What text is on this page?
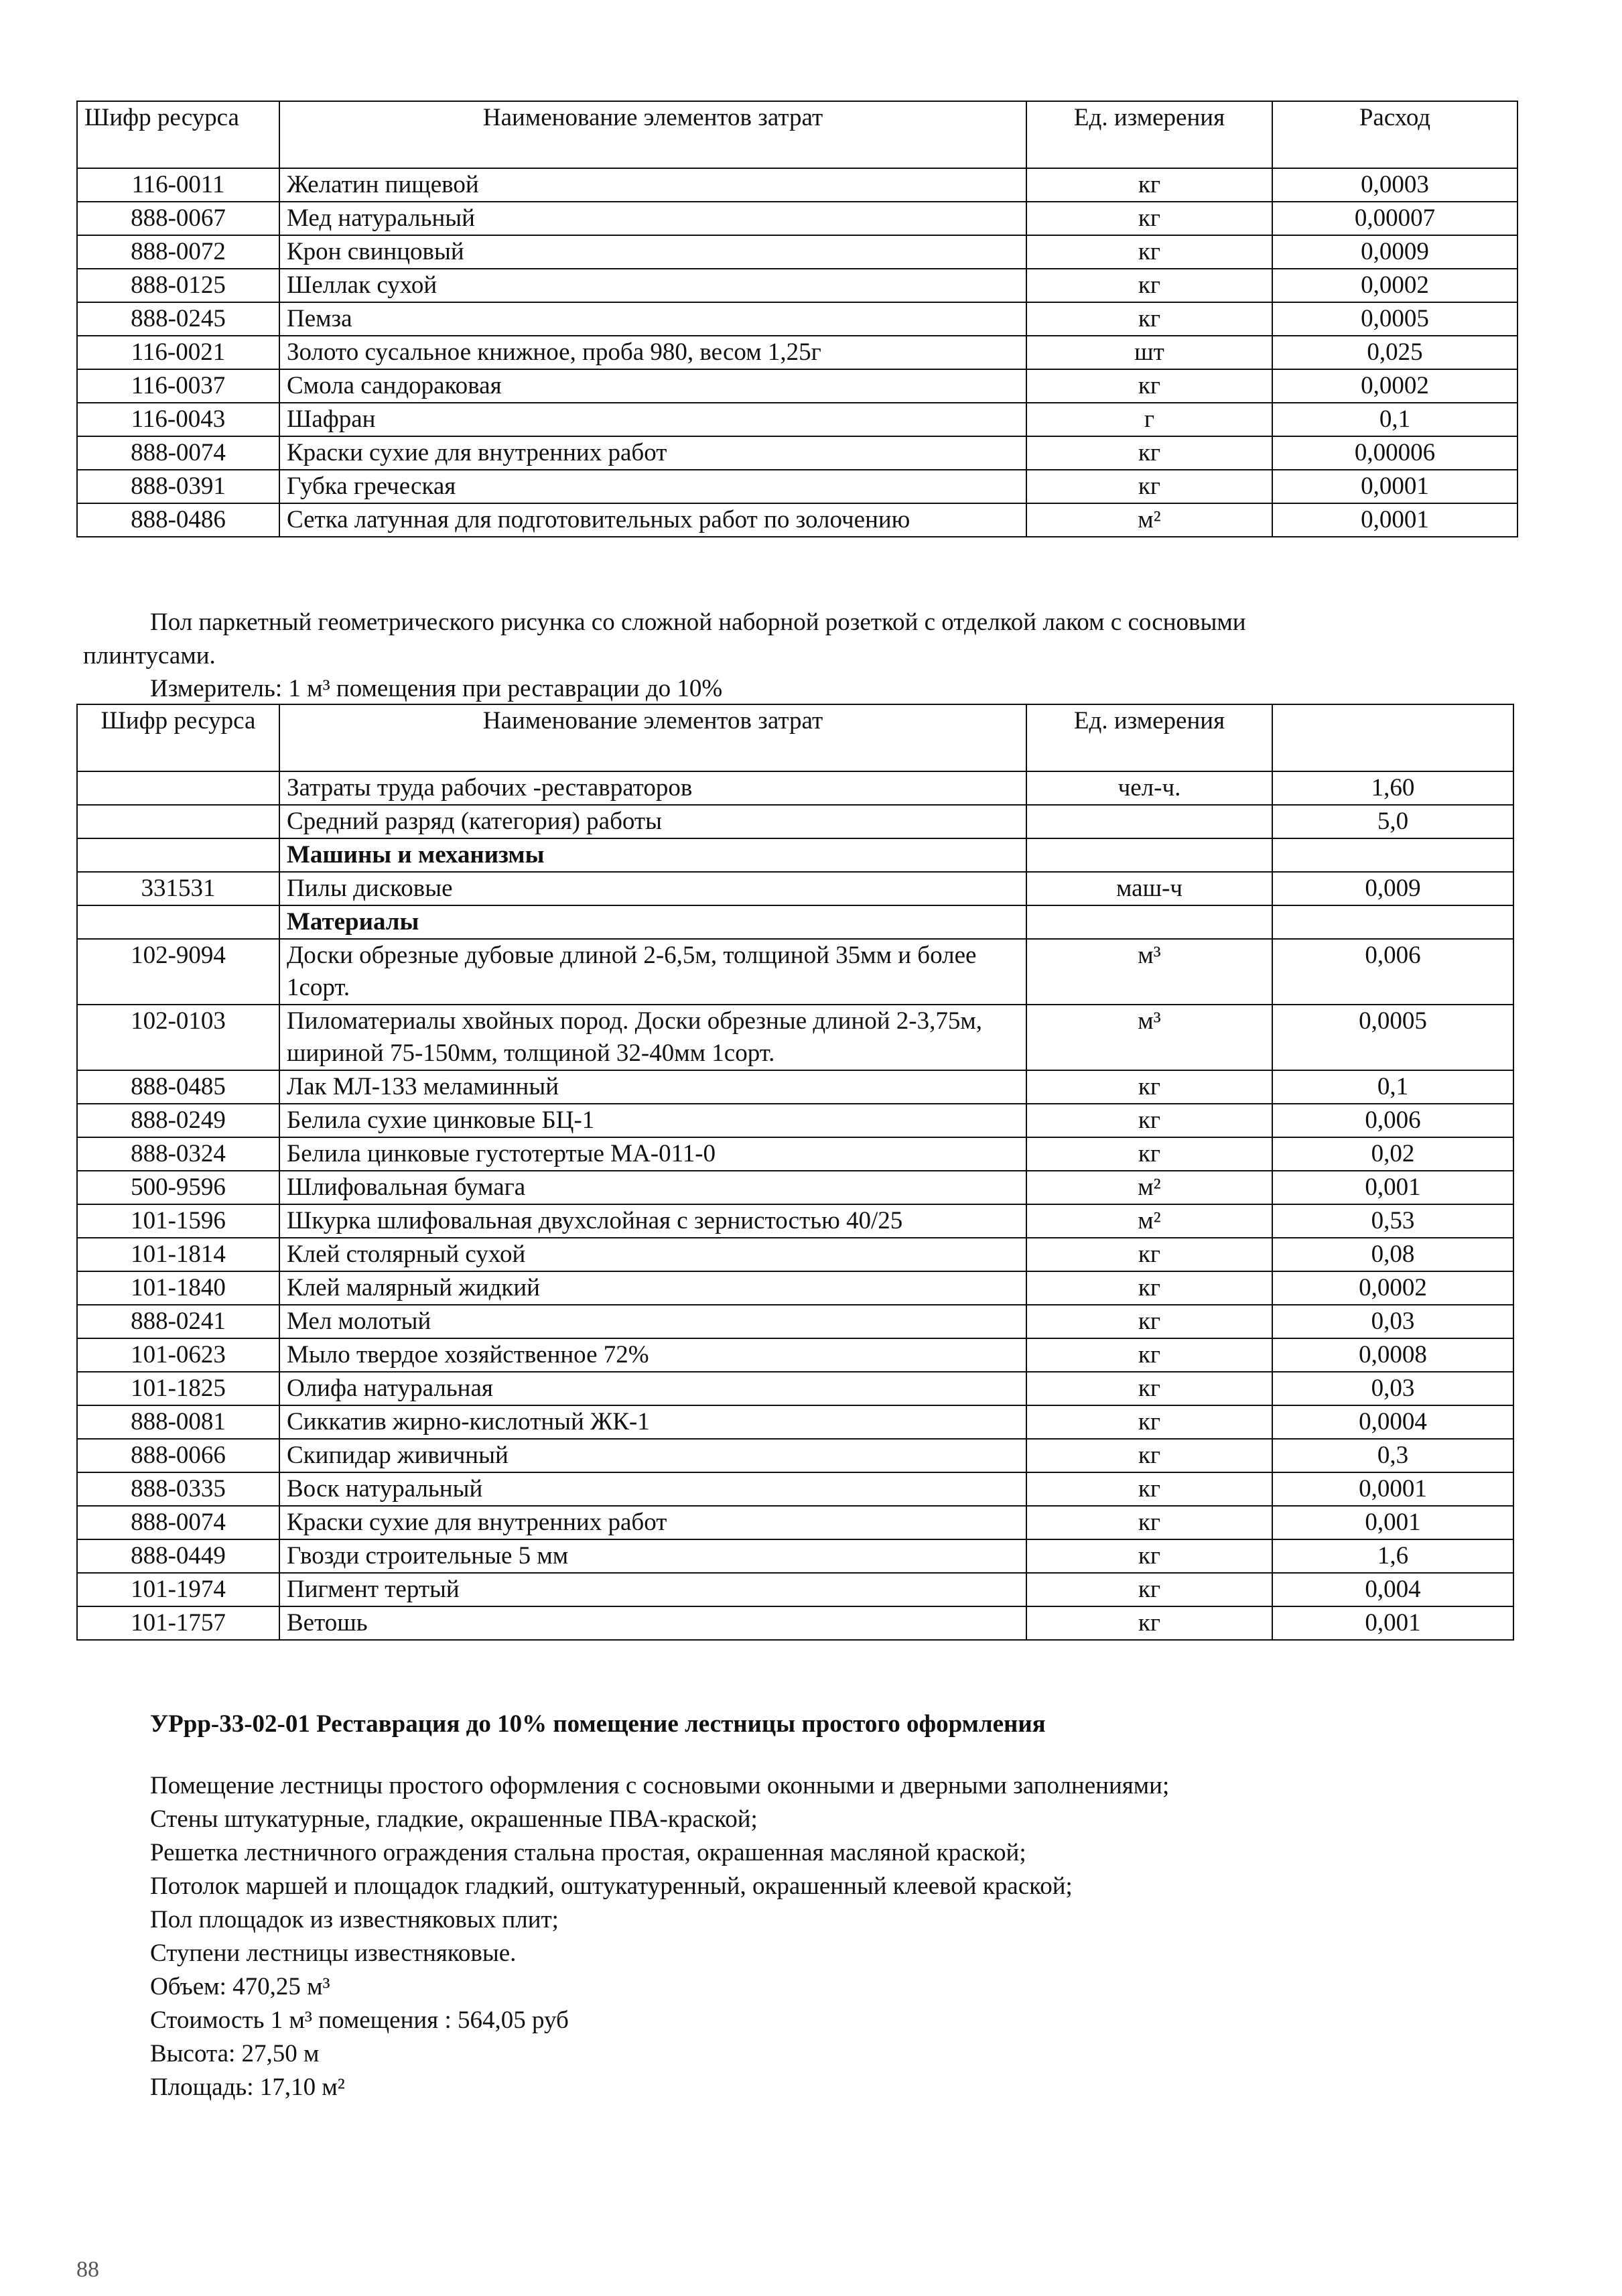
Шифр ресурса	Наименование элементов затрат	Ед. измерения	Расход
116-0011	Желатин пищевой	кг	0,0003
888-0067	Мед натуральный	кг	0,00007
888-0072	Крон свинцовый	кг	0,0009
888-0125	Шеллак сухой	кг	0,0002
888-0245	Пемза	кг	0,0005
116-0021	Золото сусальное книжное, проба 980, весом 1,25г	шт	0,025
116-0037	Смола сандораковая	кг	0,0002
116-0043	Шафран	г	0,1
888-0074	Краски сухие для внутренних работ	кг	0,00006
888-0391	Губка греческая	кг	0,0001
888-0486	Сетка латунная для подготовительных работ по золочению	м²	0,0001
Пол паркетный геометрического рисунка со сложной наборной розеткой с отделкой лаком с сосновыми
плинтусами.
Измеритель: 1 м³ помещения при реставрации до 10%
Шифр ресурса	Наименование элементов затрат	Ед. измерения	
	Затраты труда рабочих -реставраторов	чел-ч.	1,60
	Средний разряд (категория) работы		5,0
	Машины и механизмы		
331531	Пилы дисковые	маш-ч	0,009
	Материалы		
102-9094	Доски обрезные дубовые длиной 2-6,5м, толщиной 35мм и более 1сорт.	м³	0,006
102-0103	Пиломатериалы хвойных пород. Доски обрезные длиной 2-3,75м, шириной 75-150мм, толщиной 32-40мм 1сорт.	м³	0,0005
888-0485	Лак МЛ-133 меламинный	кг	0,1
888-0249	Белила сухие цинковые БЦ-1	кг	0,006
888-0324	Белила цинковые густотертые МА-011-0	кг	0,02
500-9596	Шлифовальная бумага	м²	0,001
101-1596	Шкурка шлифовальная двухслойная с зернистостью 40/25	м²	0,53
101-1814	Клей столярный сухой	кг	0,08
101-1840	Клей малярный жидкий	кг	0,0002
888-0241	Мел молотый	кг	0,03
101-0623	Мыло твердое хозяйственное 72%	кг	0,0008
101-1825	Олифа натуральная	кг	0,03
888-0081	Сиккатив жирно-кислотный ЖК-1	кг	0,0004
888-0066	Скипидар живичный	кг	0,3
888-0335	Воск натуральный	кг	0,0001
888-0074	Краски сухие для внутренних работ	кг	0,001
888-0449	Гвозди строительные 5 мм	кг	1,6
101-1974	Пигмент тертый	кг	0,004
101-1757	Ветошь	кг	0,001
УРрр-33-02-01 Реставрация до 10% помещение лестницы простого оформления
Помещение лестницы простого оформления с сосновыми оконными и дверными заполнениями;
Стены штукатурные, гладкие, окрашенные ПВА-краской;
Решетка лестничного ограждения стальна простая, окрашенная масляной краской;
Потолок маршей и площадок гладкий, оштукатуренный, окрашенный клеевой краской;
Пол площадок из известняковых плит;
Ступени лестницы известняковые.
Объем: 470,25 м³
Стоимость 1 м³ помещения : 564,05 руб
Высота: 27,50 м
Площадь: 17,10 м²
88
